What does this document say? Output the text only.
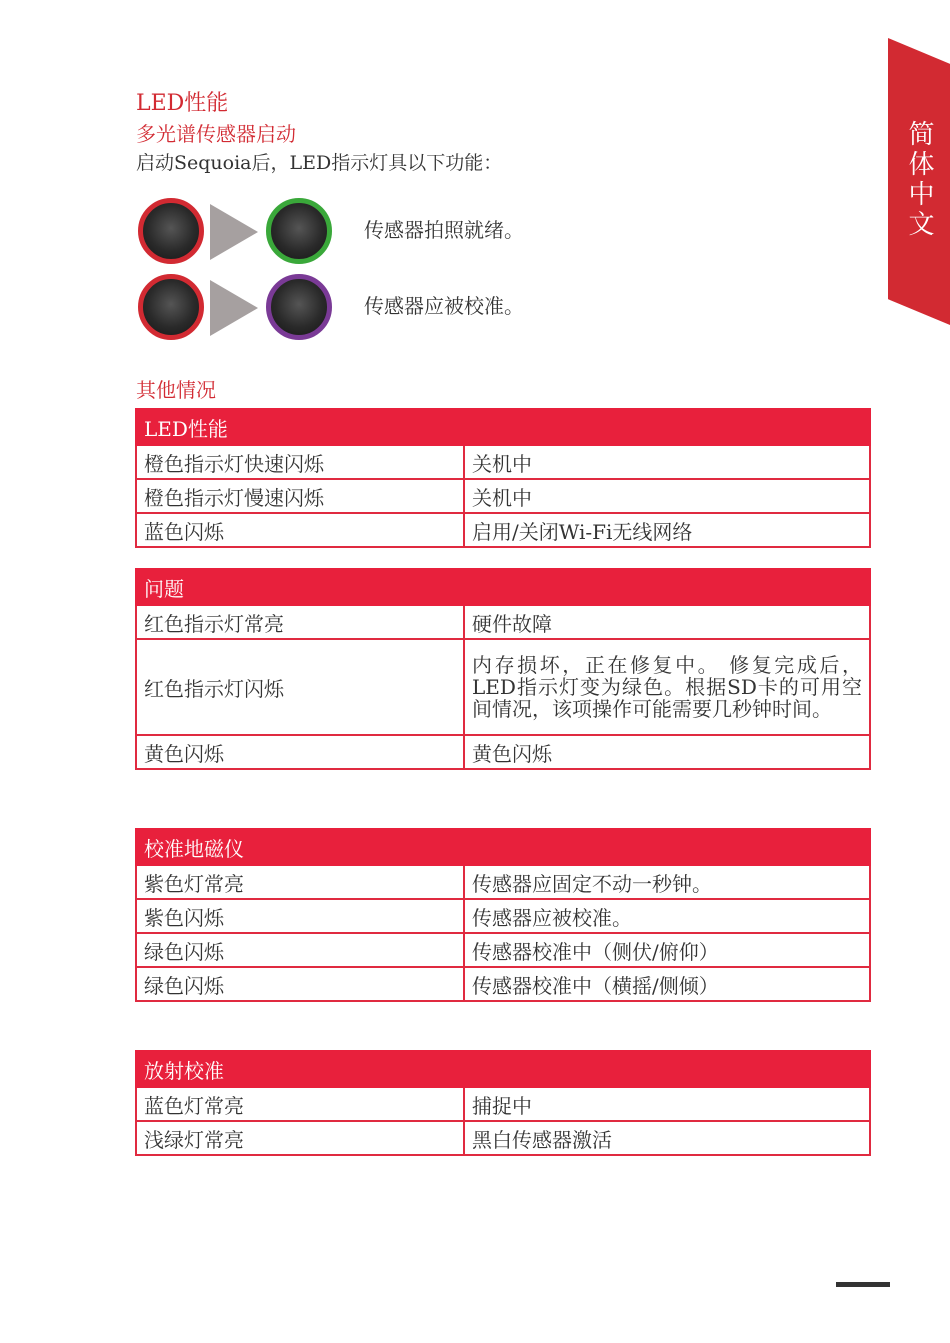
简体中文
LED性能
多光谱传感器启动
启动Sequoia后，LED指示灯具以下功能：
传感器拍照就绪。
传感器应被校准。
其他情况
LED性能	
橙色指示灯快速闪烁	关机中
橙色指示灯慢速闪烁	关机中
蓝色闪烁	启用/关闭Wi-Fi无线网络
问题	
红色指示灯常亮	硬件故障
红色指示灯闪烁	内存损坏，正在修复中。 修复完成后，LED指示灯变为绿色。根据SD卡的可用空间情况，该项操作可能需要几秒钟时间。
黄色闪烁	黄色闪烁
校准地磁仪	
紫色灯常亮	传感器应固定不动一秒钟。
紫色闪烁	传感器应被校准。
绿色闪烁	传感器校准中（侧伏/俯仰）
绿色闪烁	传感器校准中（横摇/侧倾）
放射校准	
蓝色灯常亮	捕捉中
浅绿灯常亮	黑白传感器激活
